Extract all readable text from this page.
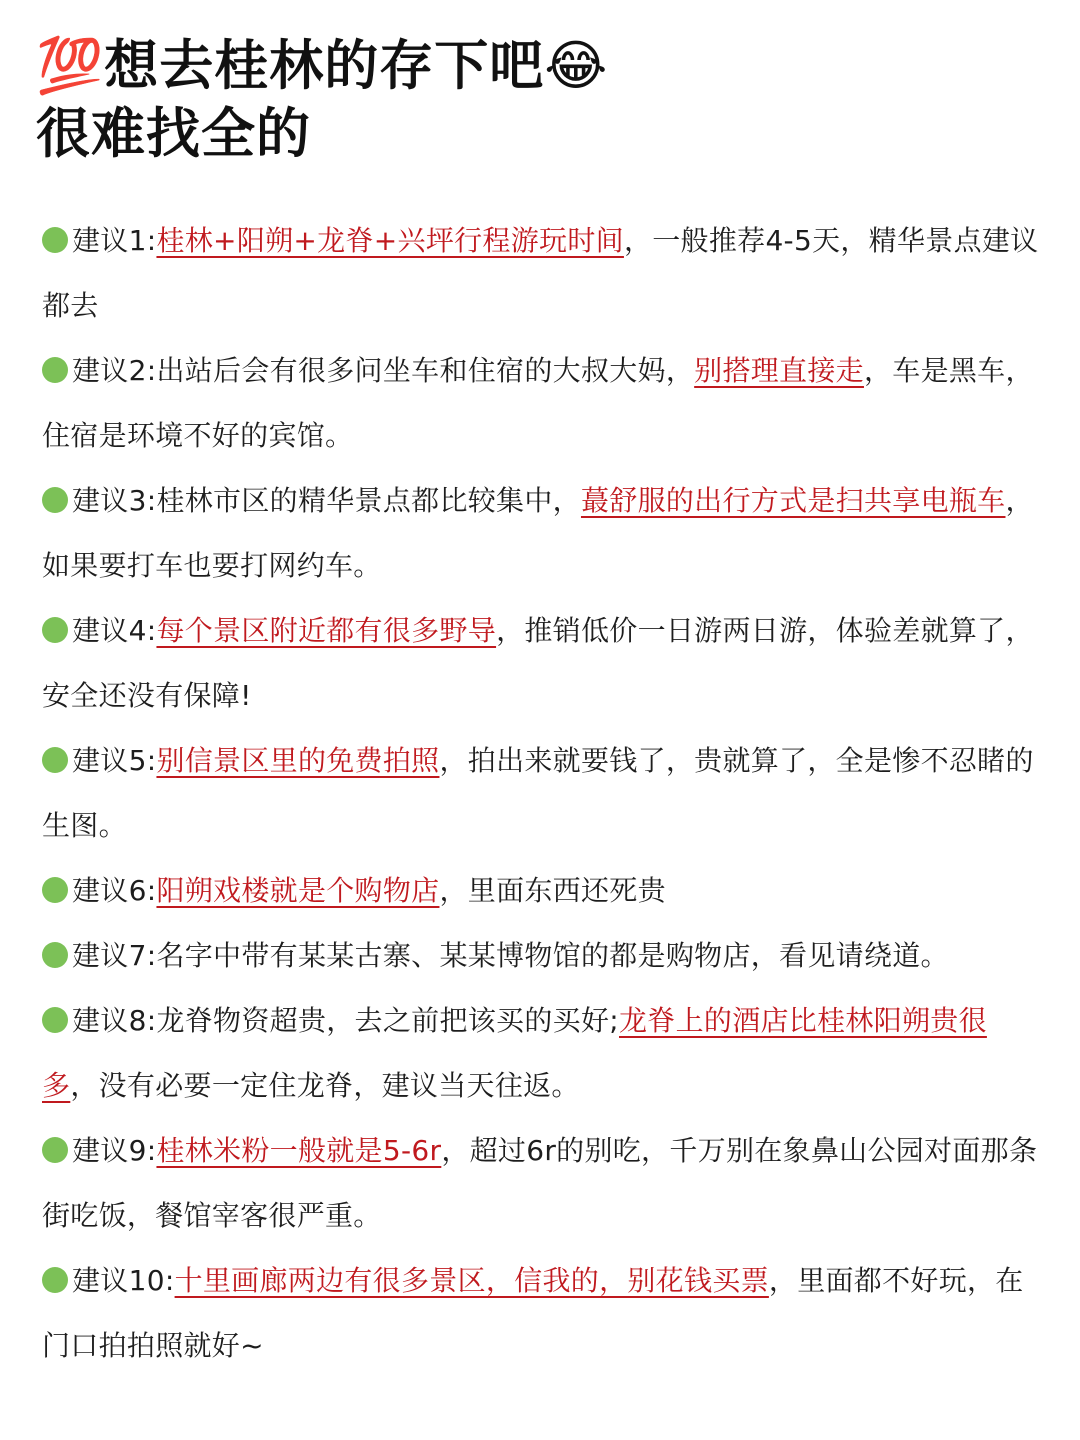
💯想去桂林的存下吧😂
很难找全的

建议1:桂林+阳朔+龙脊+兴坪行程游玩时间，一般推荐4-5天，精华景点建议都去

建议2:出站后会有很多问坐车和住宿的大叔大妈，别搭理直接走，车是黑车，住宿是环境不好的宾馆。

建议3:桂林市区的精华景点都比较集中，蕞舒服的出行方式是扫共享电瓶车，如果要打车也要打网约车。

建议4:每个景区附近都有很多野导，推销低价一日游两日游，体验差就算了，安全还没有保障!

建议5:别信景区里的免费拍照，拍出来就要钱了，贵就算了，全是惨不忍睹的生图。

建议6:阳朔戏楼就是个购物店，里面东西还死贵

建议7:名字中带有某某古寨、某某博物馆的都是购物店，看见请绕道。

建议8:龙脊物资超贵，去之前把该买的买好;龙脊上的酒店比桂林阳朔贵很多，没有必要一定住龙脊，建议当天往返。

建议9:桂林米粉一般就是5-6r，超过6r的别吃，千万别在象鼻山公园对面那条街吃饭，餐馆宰客很严重。

建议10:十里画廊两边有很多景区，信我的，别花钱买票，里面都不好玩，在门口拍拍照就好~
